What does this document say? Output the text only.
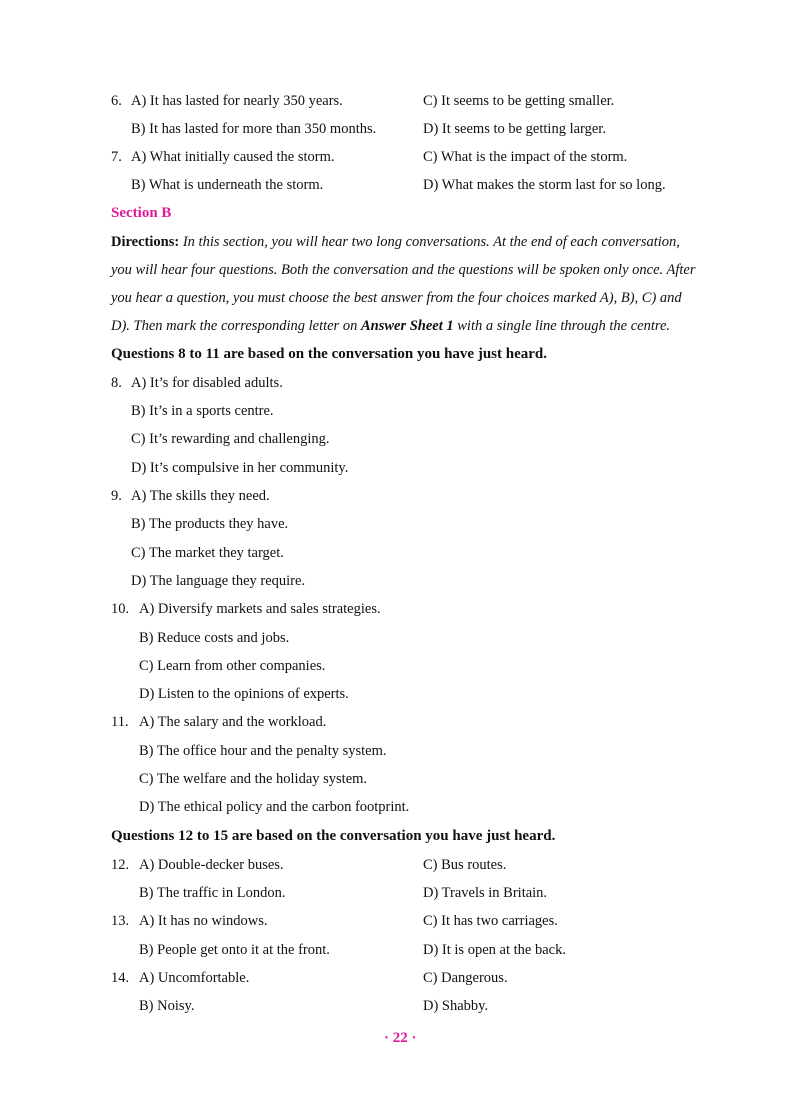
6. A) It has lasted for nearly 350 years.	C) It seems to be getting smaller.
B) It has lasted for more than 350 months.	D) It seems to be getting larger.
7. A) What initially caused the storm.	C) What is the impact of the storm.
B) What is underneath the storm.	D) What makes the storm last for so long.
Section B
Directions: In this section, you will hear two long conversations. At the end of each conversation,
you will hear four questions. Both the conversation and the questions will be spoken only once. After
you hear a question, you must choose the best answer from the four choices marked A), B), C) and
D). Then mark the corresponding letter on Answer Sheet 1 with a single line through the centre.
Questions 8 to 11 are based on the conversation you have just heard.
8. A) It’s for disabled adults.
B) It’s in a sports centre.
C) It’s rewarding and challenging.
D) It’s compulsive in her community.
9. A) The skills they need.
B) The products they have.
C) The market they target.
D) The language they require.
10. A) Diversify markets and sales strategies.
B) Reduce costs and jobs.
C) Learn from other companies.
D) Listen to the opinions of experts.
11. A) The salary and the workload.
B) The office hour and the penalty system.
C) The welfare and the holiday system.
D) The ethical policy and the carbon footprint.
Questions 12 to 15 are based on the conversation you have just heard.
12. A) Double-decker buses.	C) Bus routes.
B) The traffic in London.	D) Travels in Britain.
13. A) It has no windows.	C) It has two carriages.
B) People get onto it at the front.	D) It is open at the back.
14. A) Uncomfortable.	C) Dangerous.
B) Noisy.	D) Shabby.
· 22 ·
